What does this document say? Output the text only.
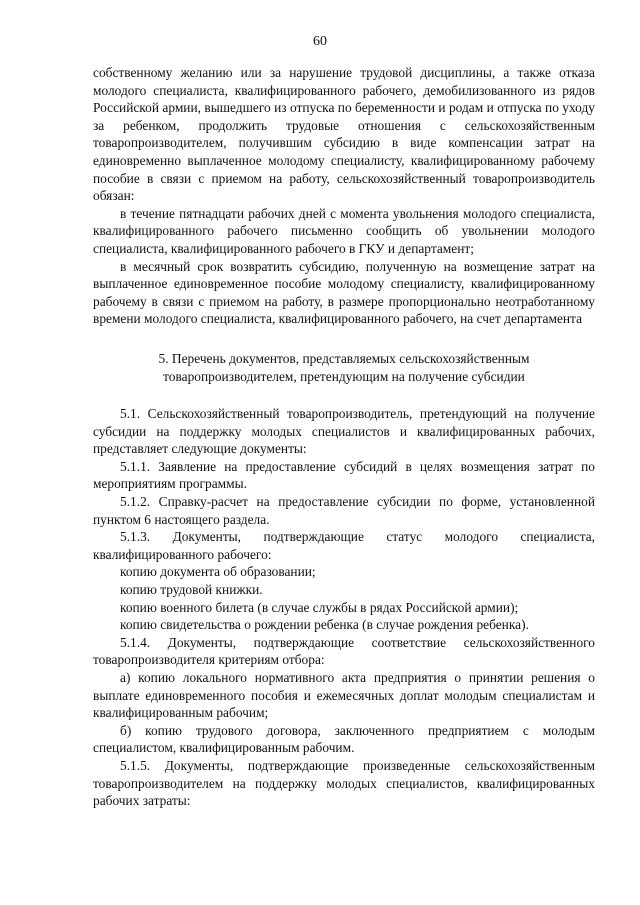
60

собственному желанию или за нарушение трудовой дисциплины, а также отказа молодого специалиста, квалифицированного рабочего, демобилизованного из рядов Российской армии, вышедшего из отпуска по беременности и родам и отпуска по уходу за ребенком, продолжить трудовые отношения с сельскохозяйственным товаропроизводителем, получившим субсидию в виде компенсации затрат на единовременно выплаченное молодому специалисту, квалифицированному рабочему пособие в связи с приемом на работу, сельскохозяйственный товаропроизводитель обязан:

в течение пятнадцати рабочих дней с момента увольнения молодого специалиста, квалифицированного рабочего письменно сообщить об увольнении молодого специалиста, квалифицированного рабочего в ГКУ и департамент;

в месячный срок возвратить субсидию, полученную на возмещение затрат на выплаченное единовременное пособие молодому специалисту, квалифицированному рабочему в связи с приемом на работу, в размере пропорционально неотработанному времени молодого специалиста, квалифицированного рабочего, на счет департамента

5. Перечень документов, представляемых сельскохозяйственным
товаропроизводителем, претендующим на получение субсидии

5.1. Сельскохозяйственный товаропроизводитель, претендующий на получение субсидии на поддержку молодых специалистов и квалифицированных рабочих, представляет следующие документы:

5.1.1. Заявление на предоставление субсидий в целях возмещения затрат по мероприятиям программы.

5.1.2. Справку-расчет на предоставление субсидии по форме, установленной пунктом 6 настоящего раздела.

5.1.3. Документы, подтверждающие статус молодого специалиста, квалифицированного рабочего:

копию документа об образовании;

копию трудовой книжки.

копию военного билета (в случае службы в рядах Российской армии);

копию свидетельства о рождении ребенка (в случае рождения ребенка).

5.1.4. Документы, подтверждающие соответствие сельскохозяйственного товаропроизводителя критериям отбора:

а) копию локального нормативного акта предприятия о принятии решения о выплате единовременного пособия и ежемесячных доплат молодым специалистам и квалифицированным рабочим;

б) копию трудового договора, заключенного предприятием с молодым специалистом, квалифицированным рабочим.

5.1.5. Документы, подтверждающие произведенные сельскохозяйственным товаропроизводителем на поддержку молодых специалистов, квалифицированных рабочих затраты:
